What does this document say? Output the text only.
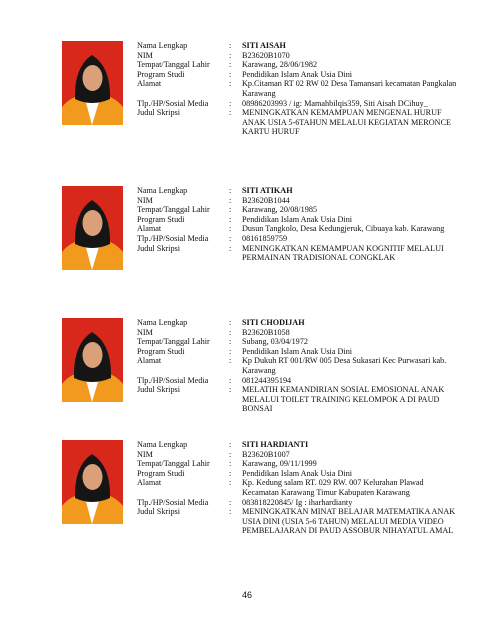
Nama Lengkap	:	SITI AISAH
NIM	:	B23620B1070
Tempat/Tanggal Lahir	:	Karawang, 28/06/1982
Program Studi	:	Pendidikan Islam Anak Usia Dini
Alamat	:	Kp.Citaman RT 02 RW 02 Desa Tamansari kecamatan Pangkalan Karawang
Tlp./HP/Sosial Media	:	08986203993 / ig: Mamahbilqis359, Siti Aisah DCihuy_
Judul Skripsi	:	MENINGKATKAN KEMAMPUAN MENGENAL HURUF ANAK USIA 5-6TAHUN MELALUI KEGIATAN MERONCE KARTU HURUF
Nama Lengkap	:	SITI ATIKAH
NIM	:	B23620B1044
Tempat/Tanggal Lahir	:	Karawang, 20/08/1985
Program Studi	:	Pendidikan Islam Anak Usia Dini
Alamat	:	Dusun Tangkolo, Desa Kedungjeruk, Cibuaya kab. Karawang
Tlp./HP/Sosial Media	:	08161859759
Judul Skripsi	:	MENINGKATKAN KEMAMPUAN KOGNITIF MELALUI PERMAINAN TRADISIONAL CONGKLAK
Nama Lengkap	:	SITI CHODIJAH
NIM	:	B23620B1058
Tempat/Tanggal Lahir	:	Subang, 03/04/1972
Program Studi	:	Pendidikan Islam Anak Usia Dini
Alamat	:	Kp Dukuh RT 001/RW 005 Desa Sukasari Kec Purwasari kab. Karawang
Tlp./HP/Sosial Media	:	081244395194
Judul Skripsi	:	MELATIH KEMANDIRIAN SOSIAL EMOSIONAL ANAK MELALUI TOILET TRAINING KELOMPOK A DI PAUD BONSAI
Nama Lengkap	:	SITI HARDIANTI
NIM	:	B23620B1007
Tempat/Tanggal Lahir	:	Karawang, 09/11/1999
Program Studi	:	Pendidikan Islam Anak Usia Dini
Alamat	:	Kp. Kedung salam RT. 029 RW. 007 Kelurahan Plawad Kecamatan Karawang Timur Kabupaten Karawang
Tlp./HP/Sosial Media	:	083818220845/ Ig : iharhardianty
Judul Skripsi	:	MENINGKATKAN MINAT BELAJAR MATEMATIKA ANAK USIA DINI (USIA 5-6 TAHUN) MELALUI MEDIA VIDEO PEMBELAJARAN DI PAUD ASSOBUR NIHAYATUL AMAL
46
